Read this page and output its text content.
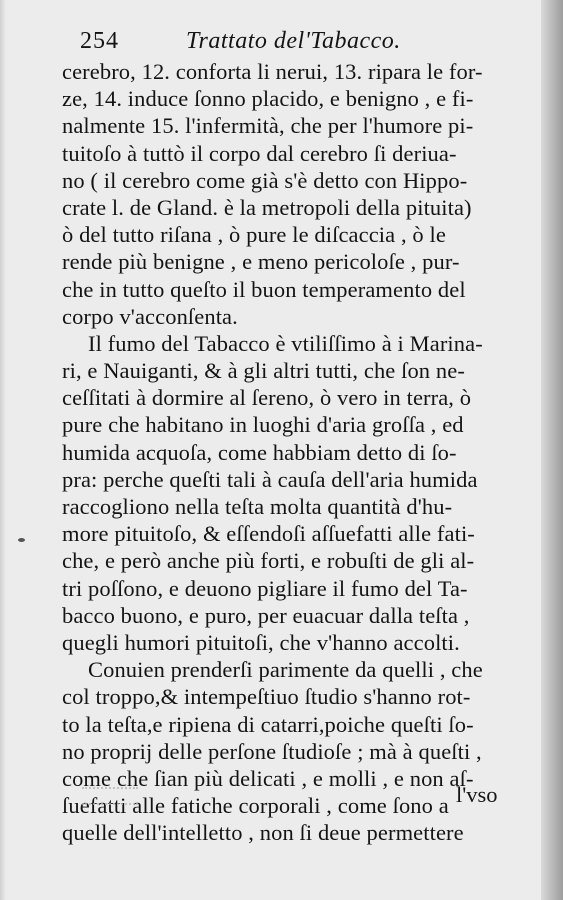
254	Trattato del'Tabacco.
cerebro, 12. conforta li nerui, 13. ripara le for-
ze, 14. induce ſonno placido, e benigno , e fi-
nalmente 15. l'infermità, che per l'humore pi-
tuitoſo à tuttò il corpo dal cerebro ſi deriua-
no ( il cerebro come già s'è detto con Hippo-
crate l. de Gland. è la metropoli della pituita)
ò del tutto riſana , ò pure le diſcaccia , ò le
rende più benigne , e meno pericoloſe , pur-
che in tutto queſto il buon temperamento del
corpo v'acconſenta.
Il fumo del Tabacco è vtiliſſimo à i Marina-
ri, e Nauiganti, & à gli altri tutti, che ſon ne-
ceſſitati à dormire al ſereno, ò vero in terra, ò
pure che habitano in luoghi d'aria groſſa , ed
humida acquoſa, come habbiam detto di ſo-
pra: perche queſti tali à cauſa dell'aria humida
raccogliono nella teſta molta quantità d'hu-
more pituitoſo, & eſſendoſi aſſuefatti alle fati-
che, e però anche più forti, e robuſti de gli al-
tri poſſono, e deuono pigliare il fumo del Ta-
bacco buono, e puro, per euacuar dalla teſta ,
quegli humori pituitoſi, che v'hanno accolti.
Conuien prenderſi parimente da quelli , che
col troppo,& intempeſtiuo ſtudio s'hanno rot-
to la teſta,e ripiena di catarri,poiche queſti ſo-
no proprij delle perſone ſtudioſe ; mà à queſti ,
come che ſian più delicati , e molli , e non aſ-
ſuefatti alle fatiche corporali , come ſono a
quelle dell'intelletto , non ſi deue permettere
l'vso
